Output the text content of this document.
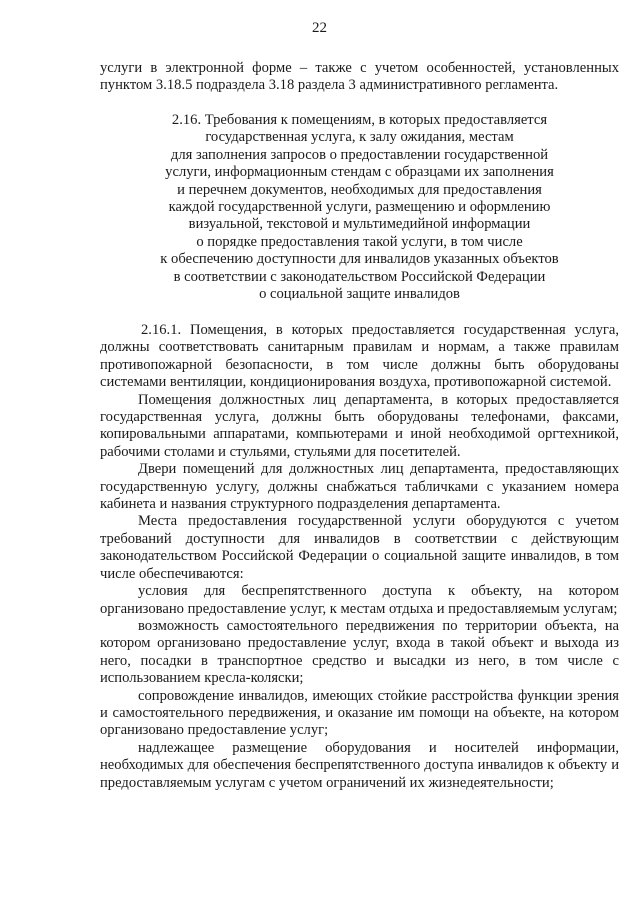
22

услуги в электронной форме – также с учетом особенностей, установленных пунктом 3.18.5 подраздела 3.18 раздела 3 административного регламента.

2.16. Требования к помещениям, в которых предоставляется
государственная услуга, к залу ожидания, местам
для заполнения запросов о предоставлении государственной
услуги, информационным стендам с образцами их заполнения
и перечнем документов, необходимых для предоставления
каждой государственной услуги, размещению и оформлению
визуальной, текстовой и мультимедийной информации
о порядке предоставления такой услуги, в том числе
к обеспечению доступности для инвалидов указанных объектов
в соответствии с законодательством Российской Федерации
о социальной защите инвалидов

2.16.1. Помещения, в которых предоставляется государственная услуга, должны соответствовать санитарным правилам и нормам, а также правилам противопожарной безопасности, в том числе должны быть оборудованы системами вентиляции, кондиционирования воздуха, противопожарной системой.

Помещения должностных лиц департамента, в которых предоставляется государственная услуга, должны быть оборудованы телефонами, факсами, копировальными аппаратами, компьютерами и иной необходимой оргтехникой, рабочими столами и стульями, стульями для посетителей.

Двери помещений для должностных лиц департамента, предоставляющих государственную услугу, должны снабжаться табличками с указанием номера кабинета и названия структурного подразделения департамента.

Места предоставления государственной услуги оборудуются с учетом требований доступности для инвалидов в соответствии с действующим законодательством Российской Федерации о социальной защите инвалидов, в том числе обеспечиваются:

условия для беспрепятственного доступа к объекту, на котором организовано предоставление услуг, к местам отдыха и предоставляемым услугам;

возможность самостоятельного передвижения по территории объекта, на котором организовано предоставление услуг, входа в такой объект и выхода из него, посадки в транспортное средство и высадки из него, в том числе с использованием кресла-коляски;

сопровождение инвалидов, имеющих стойкие расстройства функции зрения и самостоятельного передвижения, и оказание им помощи на объекте, на котором организовано предоставление услуг;

надлежащее размещение оборудования и носителей информации, необходимых для обеспечения беспрепятственного доступа инвалидов к объекту и предоставляемым услугам с учетом ограничений их жизнедеятельности;
